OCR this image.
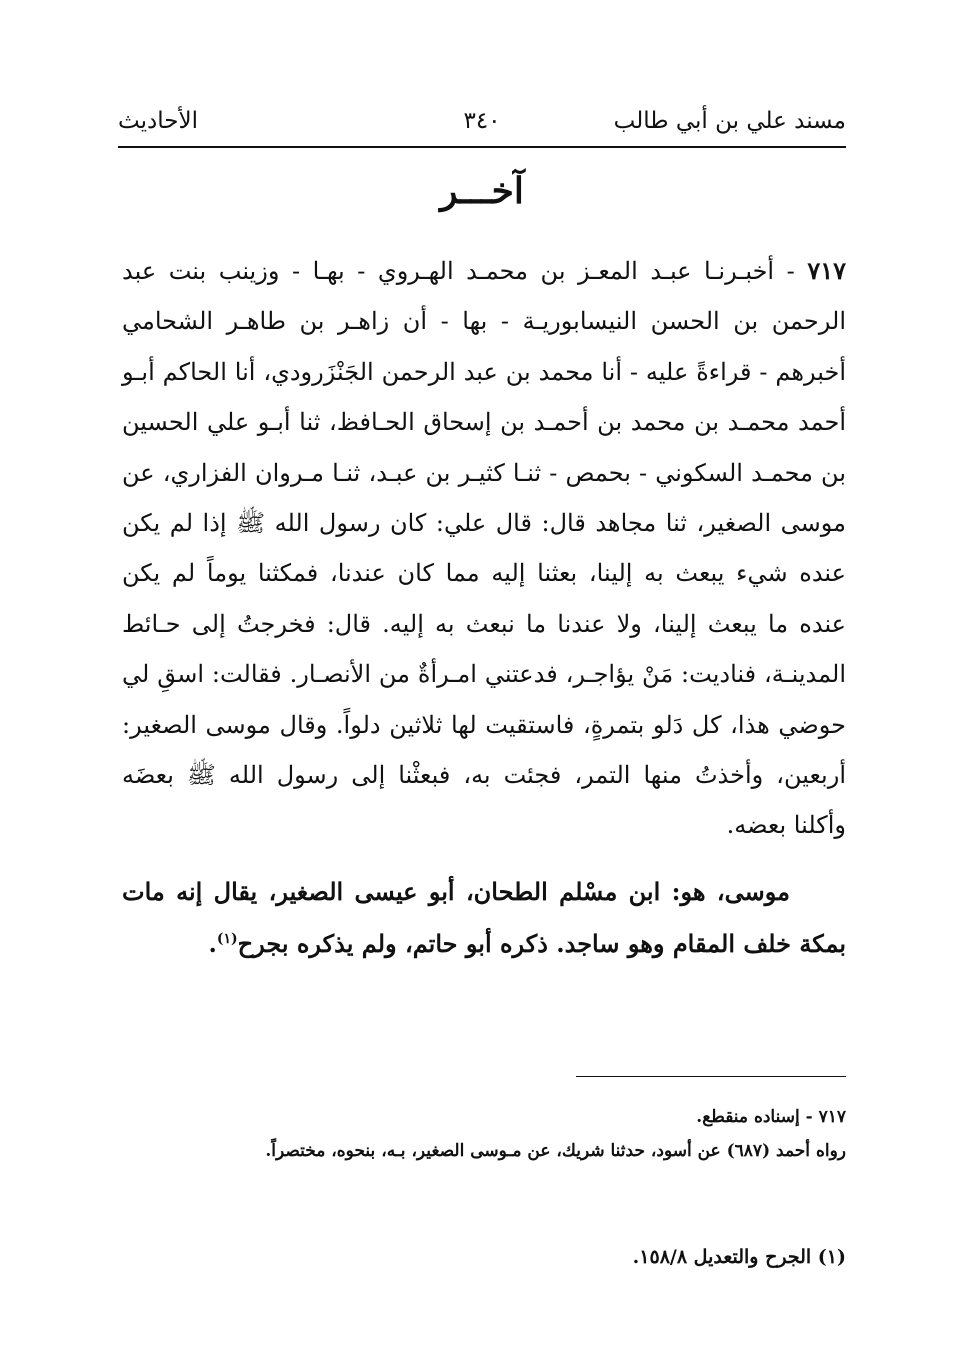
مسند علي بن أبي طالب
٣٤٠
الأحاديث
آخـــر

٧١٧ - أخبـرنـا عبـد المعـز بن محمـد الهـروي - بهـا - وزينب بنت عبد الرحمن بن الحسن النيسابوريـة - بها - أن زاهـر بن طاهـر الشحامي أخبرهم - قراءةً عليه - أنا محمد بن عبد الرحمن الجَنْزَرودي، أنا الحاكم أبـو أحمد محمـد بن محمد بن أحمـد بن إسحاق الحـافظ، ثنا أبـو علي الحسين بن محمـد السكوني - بحمص - ثنـا كثيـر بن عبـد، ثنـا مـروان الفزاري، عن موسى الصغير، ثنا مجاهد قال: قال علي: كان رسول الله ﷺ إذا لم يكن عنده شيء يبعث به إلينا، بعثنا إليه مما كان عندنا، فمكثنا يوماً لم يكن عنده ما يبعث إلينا، ولا عندنا ما نبعث به إليه. قال: فخرجتُ إلى حـائط المدينـة، فناديت: مَنْ يؤاجـر، فدعتني امـرأةٌ من الأنصـار. فقالت: اسقِ لي حوضي هذا، كل دَلو بتمرةٍ، فاستقيت لها ثلاثين دلواً. وقال موسى الصغير: أربعين، وأخذتُ منها التمر، فجئت به، فبعثْنا إلى رسول الله ﷺ بعضَه وأكلنا بعضه.

موسى، هو: ابن مسْلم الطحان، أبو عيسى الصغير، يقال إنه مات بمكة خلف المقام وهو ساجد. ذكره أبو حاتم، ولم يذكره بجرح$^{(١)}$.

٧١٧ - إسناده منقطع.

رواه أحمد (٦٨٧) عن أسود، حدثنا شريك، عن مـوسى الصغير، بـه، بنحوه، مختصراً.

(١) الجرح والتعديل ١٥٨/٨.
